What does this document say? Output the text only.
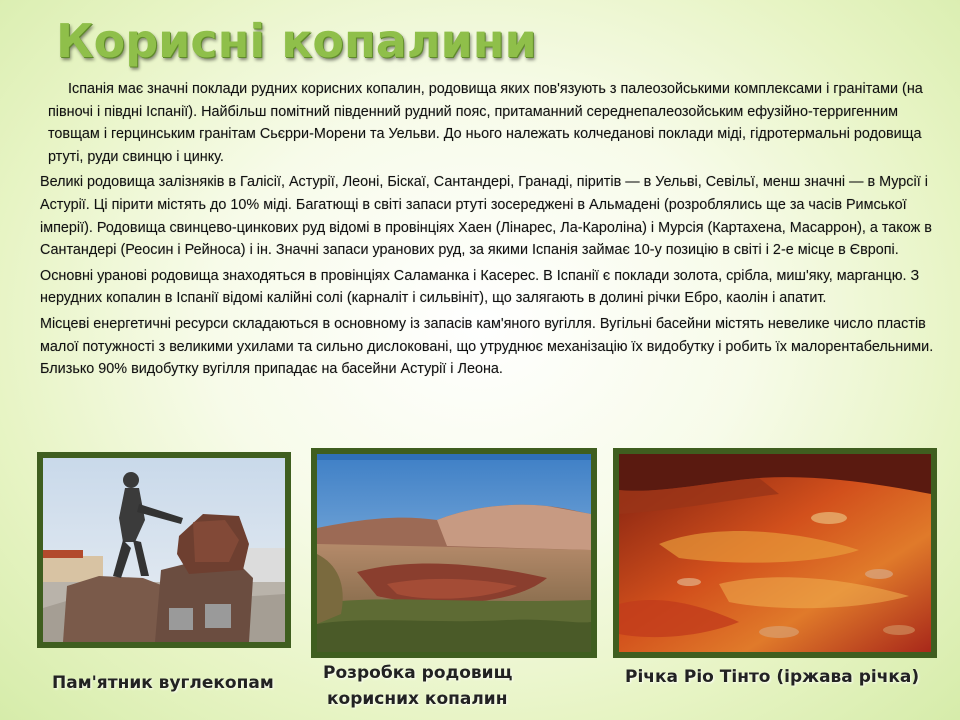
Корисні копалини

Іспанія має значні поклади рудних корисних копалин, родовища яких пов'язують з палеозойськими комплексами і гранітами (на півночі і півдні Іспанії). Найбільш помітний південний рудний пояс, притаманний середнепалеозойським ефузійно-терригенним товщам і герцинським гранітам Сьєрри-Морени та Уельви. До нього належать колчеданові поклади міді, гідротермальні родовища ртуті, руди свинцю і цинку.

Великі родовища залізняків в Галісії, Астурії, Леоні, Біскаї, Сантандері, Гранаді, піритів — в Уельві, Севільї, менш значні — в Мурсії і Астурії. Ці пірити містять до 10% міді. Багатющі в світі запаси ртуті зосереджені в Альмадені (розроблялись ще за часів Римської імперії). Родовища свинцево-цинкових руд відомі в провінціях Хаен (Лінарес, Ла-Кароліна) і Мурсія (Картахена, Масаррон), а також в Сантандері (Реосин і Рейноса) і ін. Значні запаси уранових руд, за якими Іспанія займає 10-у позицію в світі і 2-е місце в Європі.

Основні уранові родовища знаходяться в провінціях Саламанка і Касерес. В Іспанії є поклади золота, срібла, миш'яку, марганцю. З нерудних копалин в Іспанії відомі калійні солі (карналіт і сильвініт), що залягають в долині річки Ебро, каолін і апатит.

Місцеві енергетичні ресурси складаються в основному із запасів кам'яного вугілля. Вугільні басейни містять невелике число пластів малої потужності з великими ухилами та сильно дислоковані, що утруднює механізацію їх видобутку і робить їх малорентабельними. Близько 90% видобутку вугілля припадає на басейни Астурії і Леона.

Пам'ятник вуглекопам	Розробка родовищ
корисних копалин
Річка Ріо Тінто (іржава річка)
